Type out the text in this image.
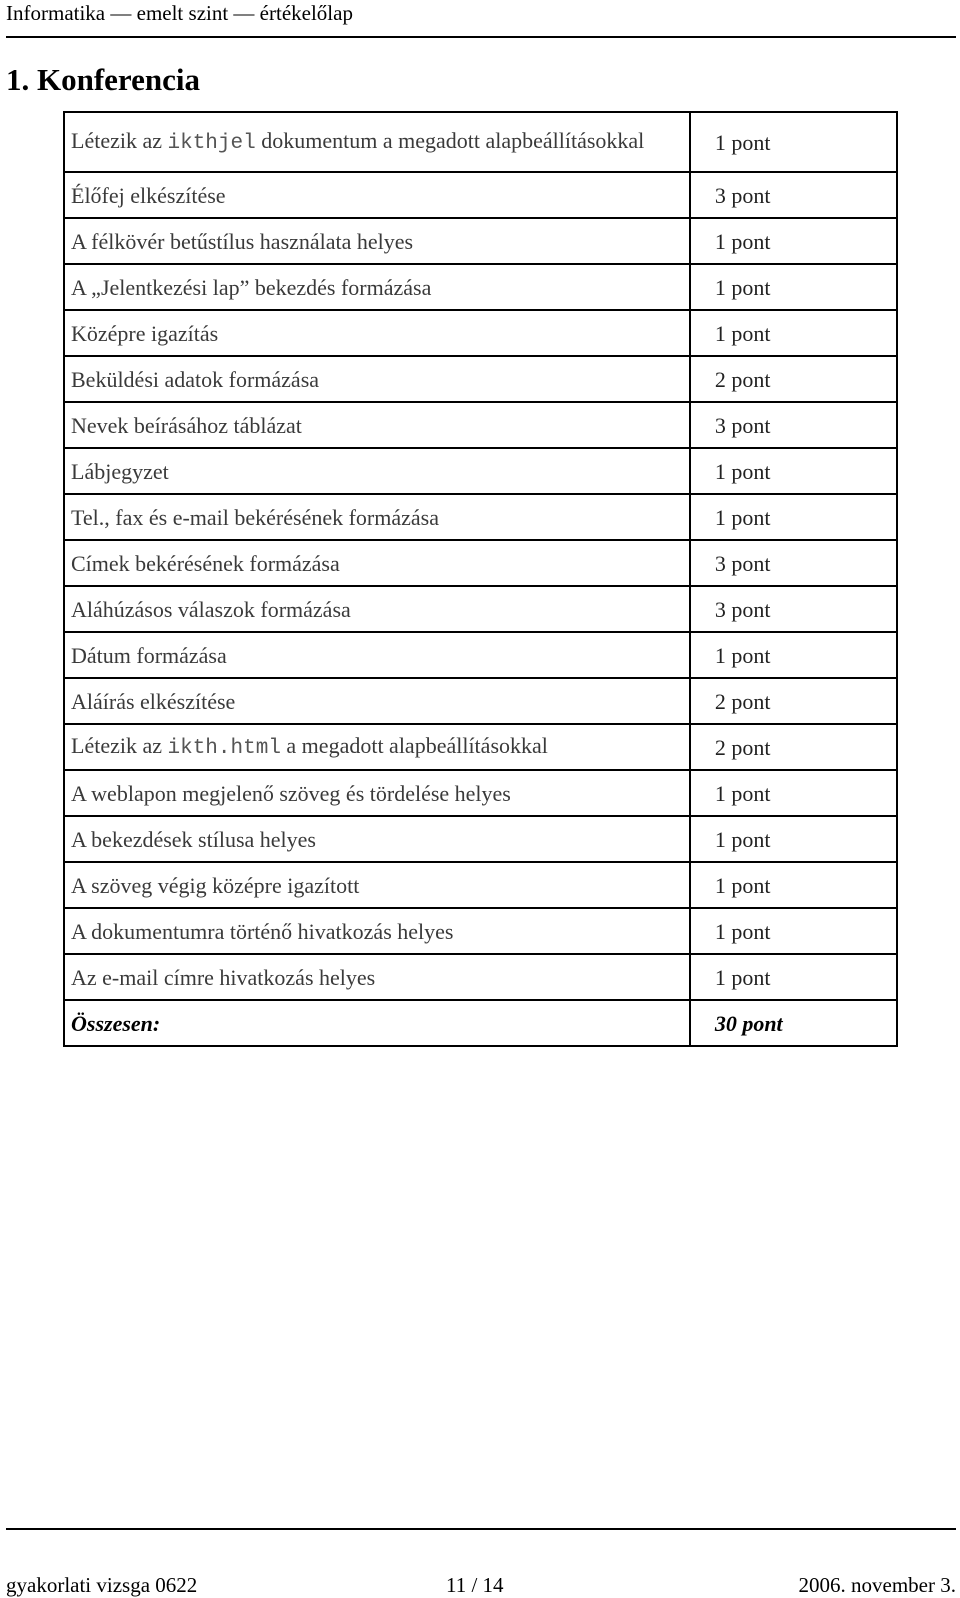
Informatika — emelt szint — értékelőlap
1. Konferencia
Létezik az ikthjel dokumentum a megadott alapbeállításokkal	1 pont
Élőfej elkészítése	3 pont
A félkövér betűstílus használata helyes	1 pont
A „Jelentkezési lap” bekezdés formázása	1 pont
Középre igazítás	1 pont
Beküldési adatok formázása	2 pont
Nevek beírásához táblázat	3 pont
Lábjegyzet	1 pont
Tel., fax és e-mail bekérésének formázása	1 pont
Címek bekérésének formázása	3 pont
Aláhúzásos válaszok formázása	3 pont
Dátum formázása	1 pont
Aláírás elkészítése	2 pont
Létezik az ikth.html a megadott alapbeállításokkal	2 pont
A weblapon megjelenő szöveg és tördelése helyes	1 pont
A bekezdések stílusa helyes	1 pont
A szöveg végig középre igazított	1 pont
A dokumentumra történő hivatkozás helyes	1 pont
Az e-mail címre hivatkozás helyes	1 pont
Összesen:	30 pont
gyakorlati vizsga 0622	11 / 14	2006. november 3.
